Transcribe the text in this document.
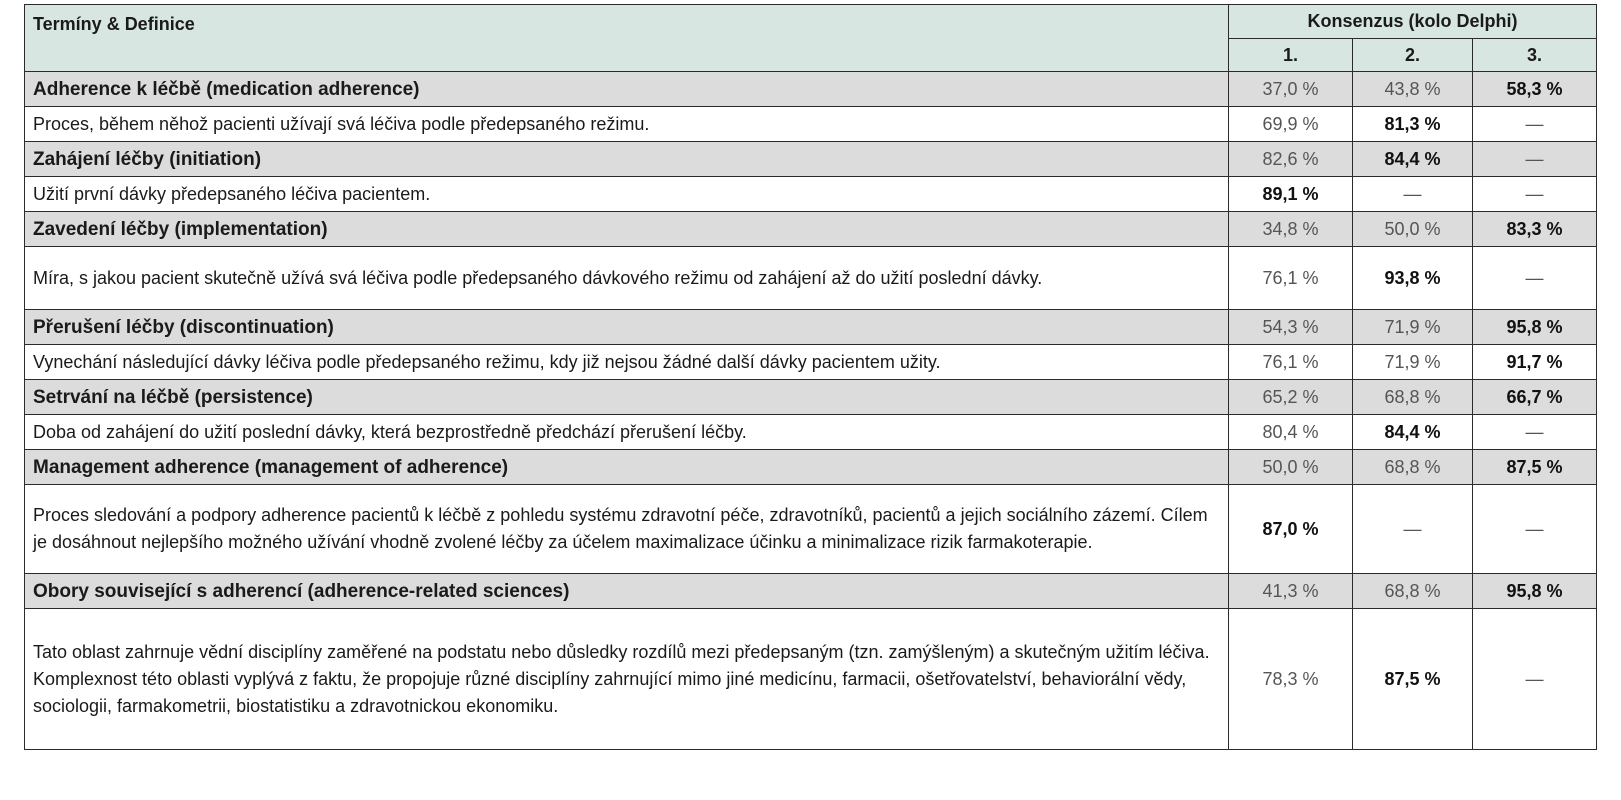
Termíny & Definice	Konsenzus (kolo Delphi)		
	1.	2.	3.
Adherence k léčbě (medication adherence)	37,0 %	43,8 %	58,3 %
Proces, během něhož pacienti užívají svá léčiva podle předepsaného režimu.	69,9 %	81,3 %	—
Zahájení léčby (initiation)	82,6 %	84,4 %	—
Užití první dávky předepsaného léčiva pacientem.	89,1 %	—	—
Zavedení léčby (implementation)	34,8 %	50,0 %	83,3 %
Míra, s jakou pacient skutečně užívá svá léčiva podle předepsaného dávkového režimu od zahájení až do užití poslední dávky.	76,1 %	93,8 %	—
Přerušení léčby (discontinuation)	54,3 %	71,9 %	95,8 %
Vynechání následující dávky léčiva podle předepsaného režimu, kdy již nejsou žádné další dávky pacientem užity.	76,1 %	71,9 %	91,7 %
Setrvání na léčbě (persistence)	65,2 %	68,8 %	66,7 %
Doba od zahájení do užití poslední dávky, která bezprostředně předchází přerušení léčby.	80,4 %	84,4 %	—
Management adherence (management of adherence)	50,0 %	68,8 %	87,5 %
Proces sledování a podpory adherence pacientů k léčbě z pohledu systému zdravotní péče, zdravotníků, pacientů a jejich sociálního zázemí. Cílem je dosáhnout nejlepšího možného užívání vhodně zvolené léčby za účelem maximalizace účinku a minimalizace rizik farmakoterapie.	87,0 %	—	—
Obory související s adherencí (adherence-related sciences)	41,3 %	68,8 %	95,8 %
Tato oblast zahrnuje vědní disciplíny zaměřené na podstatu nebo důsledky rozdílů mezi předepsaným (tzn. zamýšleným) a skutečným užitím léčiva. Komplexnost této oblasti vyplývá z faktu, že propojuje různé disciplíny zahrnující mimo jiné medicínu, farmacii, ošetřovatelství, behaviorální vědy, sociologii, farmakometrii, biostatistiku a zdravotnickou ekonomiku.	78,3 %	87,5 %	—
